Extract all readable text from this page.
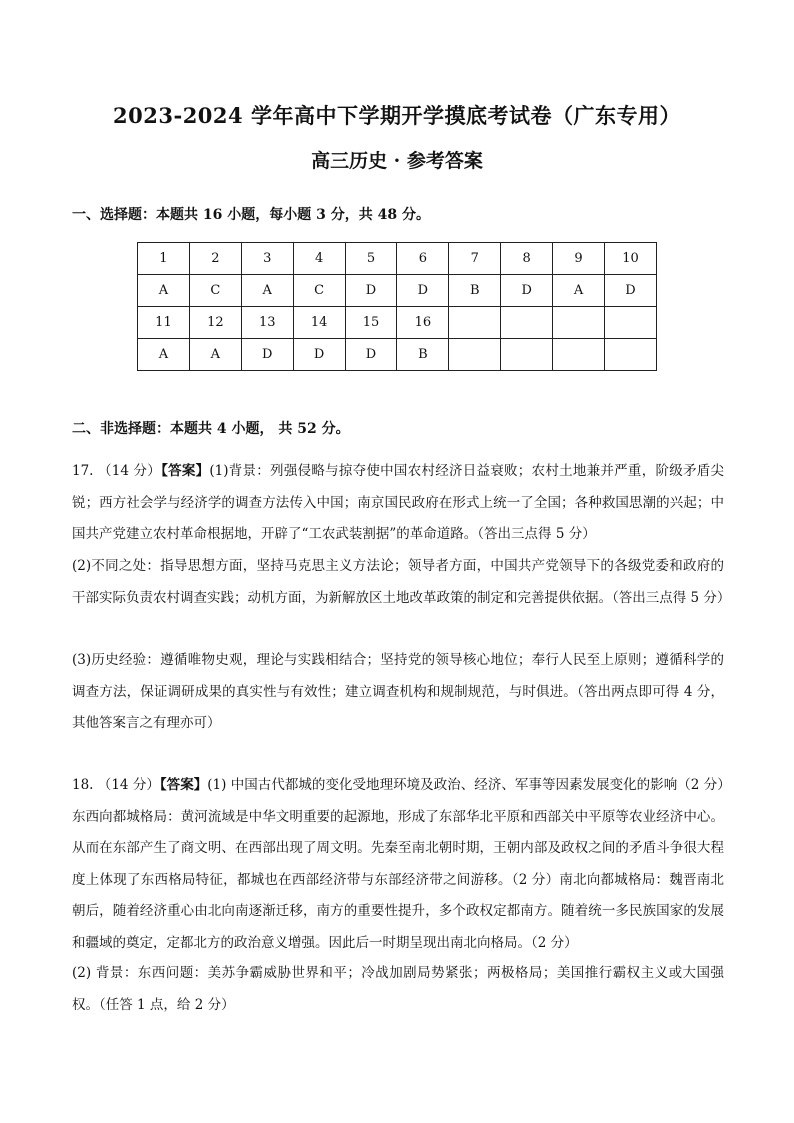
2023-2024 学年高中下学期开学摸底考试卷（广东专用）
高三历史 · 参考答案
一、选择题：本题共 16 小题，每小题 3 分，共 48 分。
1	2	3	4	5	6	7	8	9	10
A	C	A	C	D	D	B	D	A	D
11	12	13	14	15	16				
A	A	D	D	D	B				
二、非选择题：本题共 4 小题， 共 52 分。
17. （14 分）【答案】(1)背景：列强侵略与掠夺使中国农村经济日益衰败；农村土地兼并严重，阶级矛盾尖锐；西方社会学与经济学的调查方法传入中国；南京国民政府在形式上统一了全国；各种救国思潮的兴起；中国共产党建立农村革命根据地，开辟了“工农武装割据”的革命道路。（答出三点得 5 分）
(2)不同之处：指导思想方面，坚持马克思主义方法论；领导者方面，中国共产党领导下的各级党委和政府的干部实际负责农村调查实践；动机方面，为新解放区土地改革政策的制定和完善提供依据。（答出三点得 5 分）
(3)历史经验：遵循唯物史观，理论与实践相结合；坚持党的领导核心地位；奉行人民至上原则；遵循科学的调查方法，保证调研成果的真实性与有效性；建立调查机构和规制规范，与时俱进。（答出两点即可得 4 分，其他答案言之有理亦可）
18. （14 分）【答案】(1) 中国古代都城的变化受地理环境及政治、经济、军事等因素发展变化的影响（2 分）东西向都城格局：黄河流域是中华文明重要的起源地，形成了东部华北平原和西部关中平原等农业经济中心。从而在东部产生了商文明、在西部出现了周文明。先秦至南北朝时期，王朝内部及政权之间的矛盾斗争很大程度上体现了东西格局特征，都城也在西部经济带与东部经济带之间游移。（2 分）南北向都城格局：魏晋南北朝后，随着经济重心由北向南逐渐迁移，南方的重要性提升，多个政权定都南方。随着统一多民族国家的发展和疆域的奠定，定都北方的政治意义增强。因此后一时期呈现出南北向格局。（2 分）
(2) 背景：东西问题：美苏争霸威胁世界和平；冷战加剧局势紧张；两极格局；美国推行霸权主义或大国强权。（任答 1 点，给 2 分）
